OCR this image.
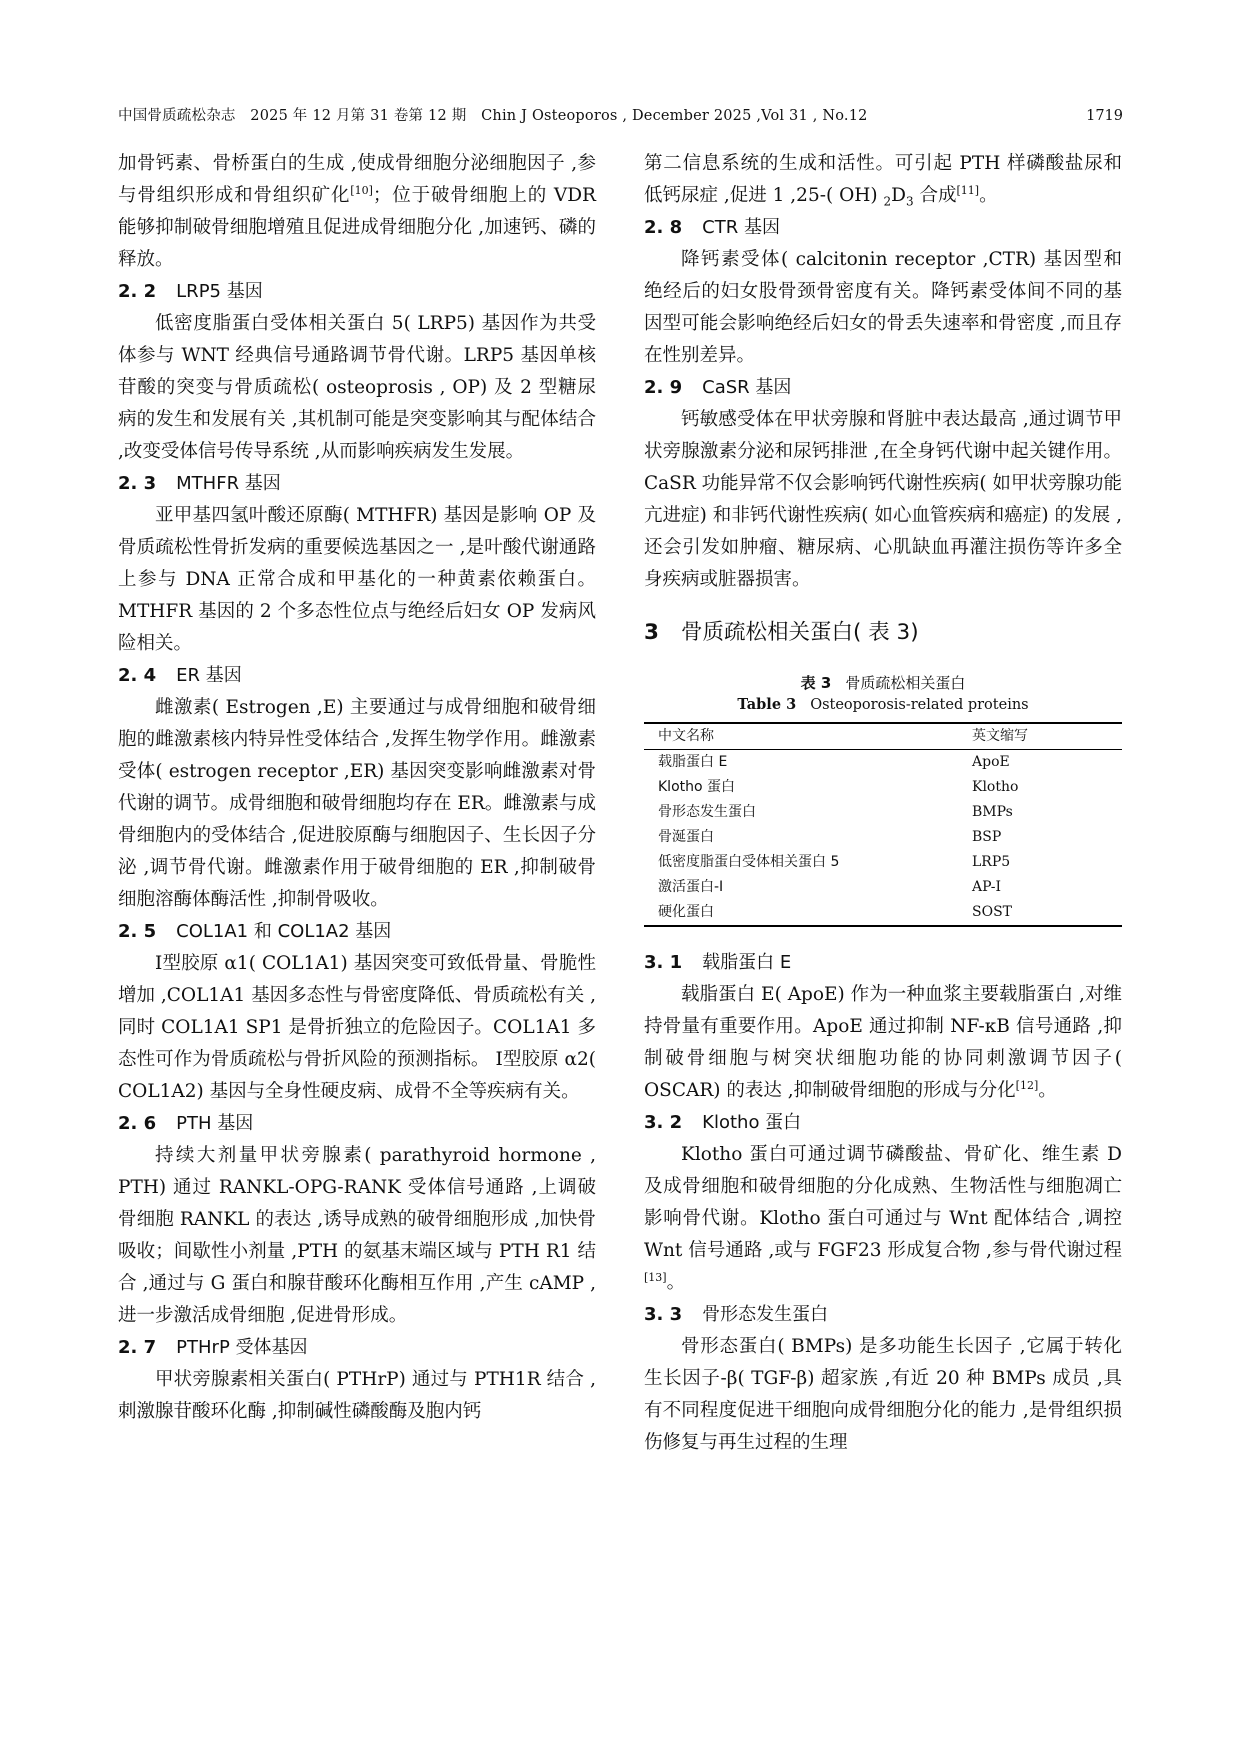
中国骨质疏松杂志　2025 年 12 月第 31 卷第 12 期　Chin J Osteoporos , December 2025 ,Vol 31 , No.12	1719

加骨钙素、骨桥蛋白的生成 ,使成骨细胞分泌细胞因子 ,参与骨组织形成和骨组织矿化[10]；位于破骨细胞上的 VDR 能够抑制破骨细胞增殖且促进成骨细胞分化 ,加速钙、磷的释放。

2. 2 LRP5 基因

低密度脂蛋白受体相关蛋白 5( LRP5) 基因作为共受体参与 WNT 经典信号通路调节骨代谢。LRP5 基因单核苷酸的突变与骨质疏松( osteoprosis , OP) 及 2 型糖尿病的发生和发展有关 ,其机制可能是突变影响其与配体结合 ,改变受体信号传导系统 ,从而影响疾病发生发展。

2. 3 MTHFR 基因

亚甲基四氢叶酸还原酶( MTHFR) 基因是影响 OP 及骨质疏松性骨折发病的重要候选基因之一 ,是叶酸代谢通路上参与 DNA 正常合成和甲基化的一种黄素依赖蛋白。MTHFR 基因的 2 个多态性位点与绝经后妇女 OP 发病风险相关。

2. 4 ER 基因

雌激素( Estrogen ,E) 主要通过与成骨细胞和破骨细胞的雌激素核内特异性受体结合 ,发挥生物学作用。雌激素受体( estrogen receptor ,ER) 基因突变影响雌激素对骨代谢的调节。成骨细胞和破骨细胞均存在 ER。雌激素与成骨细胞内的受体结合 ,促进胶原酶与细胞因子、生长因子分泌 ,调节骨代谢。雌激素作用于破骨细胞的 ER ,抑制破骨细胞溶酶体酶活性 ,抑制骨吸收。

2. 5 COL1A1 和 COL1A2 基因

Ⅰ型胶原 α1( COL1A1) 基因突变可致低骨量、骨脆性增加 ,COL1A1 基因多态性与骨密度降低、骨质疏松有关 ,同时 COL1A1 SP1 是骨折独立的危险因子。COL1A1 多态性可作为骨质疏松与骨折风险的预测指标。 Ⅰ型胶原 α2( COL1A2) 基因与全身性硬皮病、成骨不全等疾病有关。

2. 6 PTH 基因

持续大剂量甲状旁腺素( parathyroid hormone , PTH) 通过 RANKL-OPG-RANK 受体信号通路 ,上调破骨细胞 RANKL 的表达 ,诱导成熟的破骨细胞形成 ,加快骨吸收；间歇性小剂量 ,PTH 的氨基末端区域与 PTH R1 结合 ,通过与 G 蛋白和腺苷酸环化酶相互作用 ,产生 cAMP ,进一步激活成骨细胞 ,促进骨形成。

2. 7 PTHrP 受体基因

甲状旁腺素相关蛋白( PTHrP) 通过与 PTH1R 结合 ,刺激腺苷酸环化酶 ,抑制碱性磷酸酶及胞内钙

第二信息系统的生成和活性。可引起 PTH 样磷酸盐尿和低钙尿症 ,促进 1 ,25-( OH) $_2D_3$ 合成[11]。

2. 8 CTR 基因

降钙素受体( calcitonin receptor ,CTR) 基因型和绝经后的妇女股骨颈骨密度有关。降钙素受体间不同的基因型可能会影响绝经后妇女的骨丢失速率和骨密度 ,而且存在性别差异。

2. 9 CaSR 基因

钙敏感受体在甲状旁腺和肾脏中表达最高 ,通过调节甲状旁腺激素分泌和尿钙排泄 ,在全身钙代谢中起关键作用。CaSR 功能异常不仅会影响钙代谢性疾病( 如甲状旁腺功能亢进症) 和非钙代谢性疾病( 如心血管疾病和癌症) 的发展 ,还会引发如肿瘤、糖尿病、心肌缺血再灌注损伤等许多全身疾病或脏器损害。

3 骨质疏松相关蛋白( 表 3)
表 3 骨质疏松相关蛋白
Table 3 Osteoporosis-related proteins
中文名称	英文缩写
载脂蛋白 E	ApoE
Klotho 蛋白	Klotho
骨形态发生蛋白	BMPs
骨涎蛋白	BSP
低密度脂蛋白受体相关蛋白 5	LRP5
激活蛋白-I	AP-I
硬化蛋白	SOST
3. 1 载脂蛋白 E

载脂蛋白 E( ApoE) 作为一种血浆主要载脂蛋白 ,对维持骨量有重要作用。ApoE 通过抑制 NF-κB 信号通路 ,抑制破骨细胞与树突状细胞功能的协同刺激调节因子( OSCAR) 的表达 ,抑制破骨细胞的形成与分化[12]。

3. 2 Klotho 蛋白

Klotho 蛋白可通过调节磷酸盐、骨矿化、维生素 D 及成骨细胞和破骨细胞的分化成熟、生物活性与细胞凋亡影响骨代谢。Klotho 蛋白可通过与 Wnt 配体结合 ,调控 Wnt 信号通路 ,或与 FGF23 形成复合物 ,参与骨代谢过程[13]。

3. 3 骨形态发生蛋白

骨形态蛋白( BMPs) 是多功能生长因子 ,它属于转化生长因子-β( TGF-β) 超家族 ,有近 20 种 BMPs 成员 ,具有不同程度促进干细胞向成骨细胞分化的能力 ,是骨组织损伤修复与再生过程的生理
